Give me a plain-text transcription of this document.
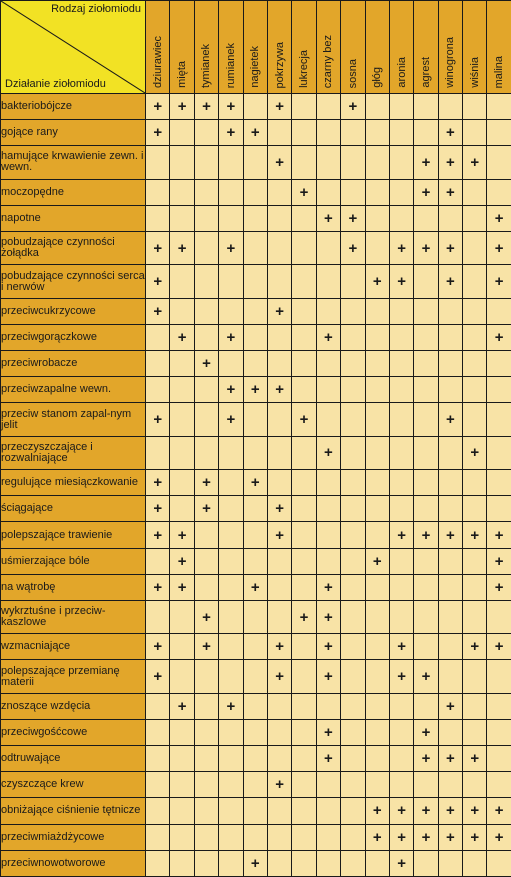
Rodzaj ziołomiodu
Działanie ziołomiodu	dziurawiec	mięta	tymianek	rumianek	nagietek	pokrzywa	lukrecja	czarny bez	sosna	głóg	aronia	agrest	winogrona	wiśnia	malina
bakteriobójcze	+	+	+	+		+			+						
gojące rany	+			+	+								+		
hamujące krwawienie zewn. i wewn.						+						+	+	+	
moczopędne							+					+	+		
napotne								+	+						+
pobudzające czynności żołądka	+	+		+					+		+	+	+		+
pobudzające czynności serca i nerwów	+									+	+		+		+
przeciwcukrzycowe	+					+									
przeciwgorączkowe		+		+				+							+
przeciwrobacze			+												
przeciwzapalne wewn.				+	+	+									
przeciw stanom zapal-nym jelit	+			+			+						+		
przeczyszczające i rozwalniające								+						+	
regulujące miesiączkowanie	+		+		+										
ściągające	+		+			+									
polepszające trawienie	+	+				+					+	+	+	+	+
uśmierzające bóle		+								+					+
na wątrobę	+	+			+			+							+
wykrztuśne i przeciw-kaszlowe			+				+	+							
wzmacniające	+		+			+		+			+			+	+
polepszające przemianę materii	+					+		+			+	+			
znoszące wzdęcia		+		+									+		
przeciwgośćcowe								+				+			
odtruwające								+				+	+	+	
czyszczące krew						+									
obniżające ciśnienie tętnicze										+	+	+	+	+	+
przeciwmiażdżycowe										+	+	+	+	+	+
przeciwnowotworowe					+						+				
